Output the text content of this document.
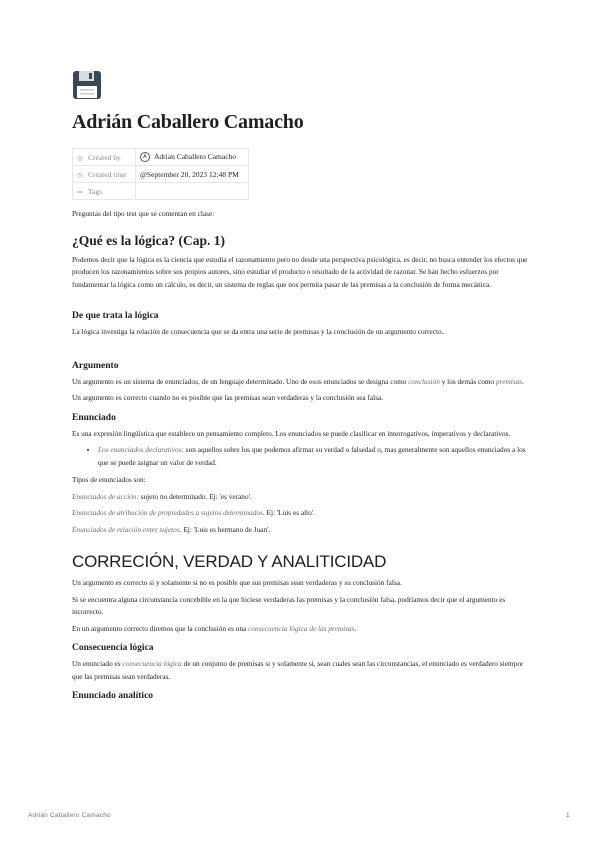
Adrián Caballero Camacho
◎ Created by	A Adrian Caballero Camacho
◷ Created time	@September 20, 2023 12:48 PM
≔ Tags	

Preguntas del tipo test que se comentan en clase:

¿Qué es la lógica? (Cap. 1)

Podemos decir que la lógica es la ciencia que estudia el razonamiento pero no desde una perspectiva psicológica, es decir, no busca entender los efectos que producen los razonamientos sobre sus propios autores, sino estudiar el producto o resultado de la actividad de razonar. Se han hecho esfuerzos por fundamentar la lógica como un cálculo, es decir, un sistema de reglas que nos permita pasar de las premisas a la conclusión de forma mecánica.

De que trata la lógica

La lógica investiga la relación de consecuencia que se da entra una serie de premisas y la conclusión de un argumento correcto.

Argumento

Un argumento es un sistema de enunciados, de un lenguaje determinado. Uno de esos enunciados se designa como conclusión y los demás como premisas.

Un argumento es correcto cuando no es posible que las premisas sean verdaderas y la conclusión sea falsa.

Enunciado

Es una expresión lingüística que establece un pensamiento completo. Los enunciados se puede clasificar en interrogativos, imperativos y declarativos.

• Los enunciados declarativos: son aquellos sobre los que podemos afirmar su verdad o falsedad o, mas generalmente son aquellos enunciados a los que se puede asignar un valor de verdad.

Tipos de enunciados son:

Enunciados de acción: sujeto no determinado. Ej: 'es verano'.

Enunciados de atribución de propiedades a sujetos determinados. Ej: 'Luis es alto'.

Enunciados de relación entre sujetos. Ej: 'Luis es hermano de Juan'.

CORRECIÓN, VERDAD Y ANALITICIDAD

Un argumento es correcto si y solamente si no es posible que sus premisas sean verdaderas y su conclusión falsa.

Si se encuentra alguna circunstancia concebible en la que hiciese verdaderas las premisas y la conclusión falsa, podríamos decir que el argumento es incorrecto.

En un argumento correcto diremos que la conclusión es una consecuencia lógica de las premisas.

Consecuencia lógica

Un enunciado es consecuencia lógica de un conjunto de premisas si y solamente si, sean cuales sean las circunstancias, el enunciado es verdadero siempre que las premisas sean verdaderas.

Enunciado analítico
Adrián Caballero Camacho	1
